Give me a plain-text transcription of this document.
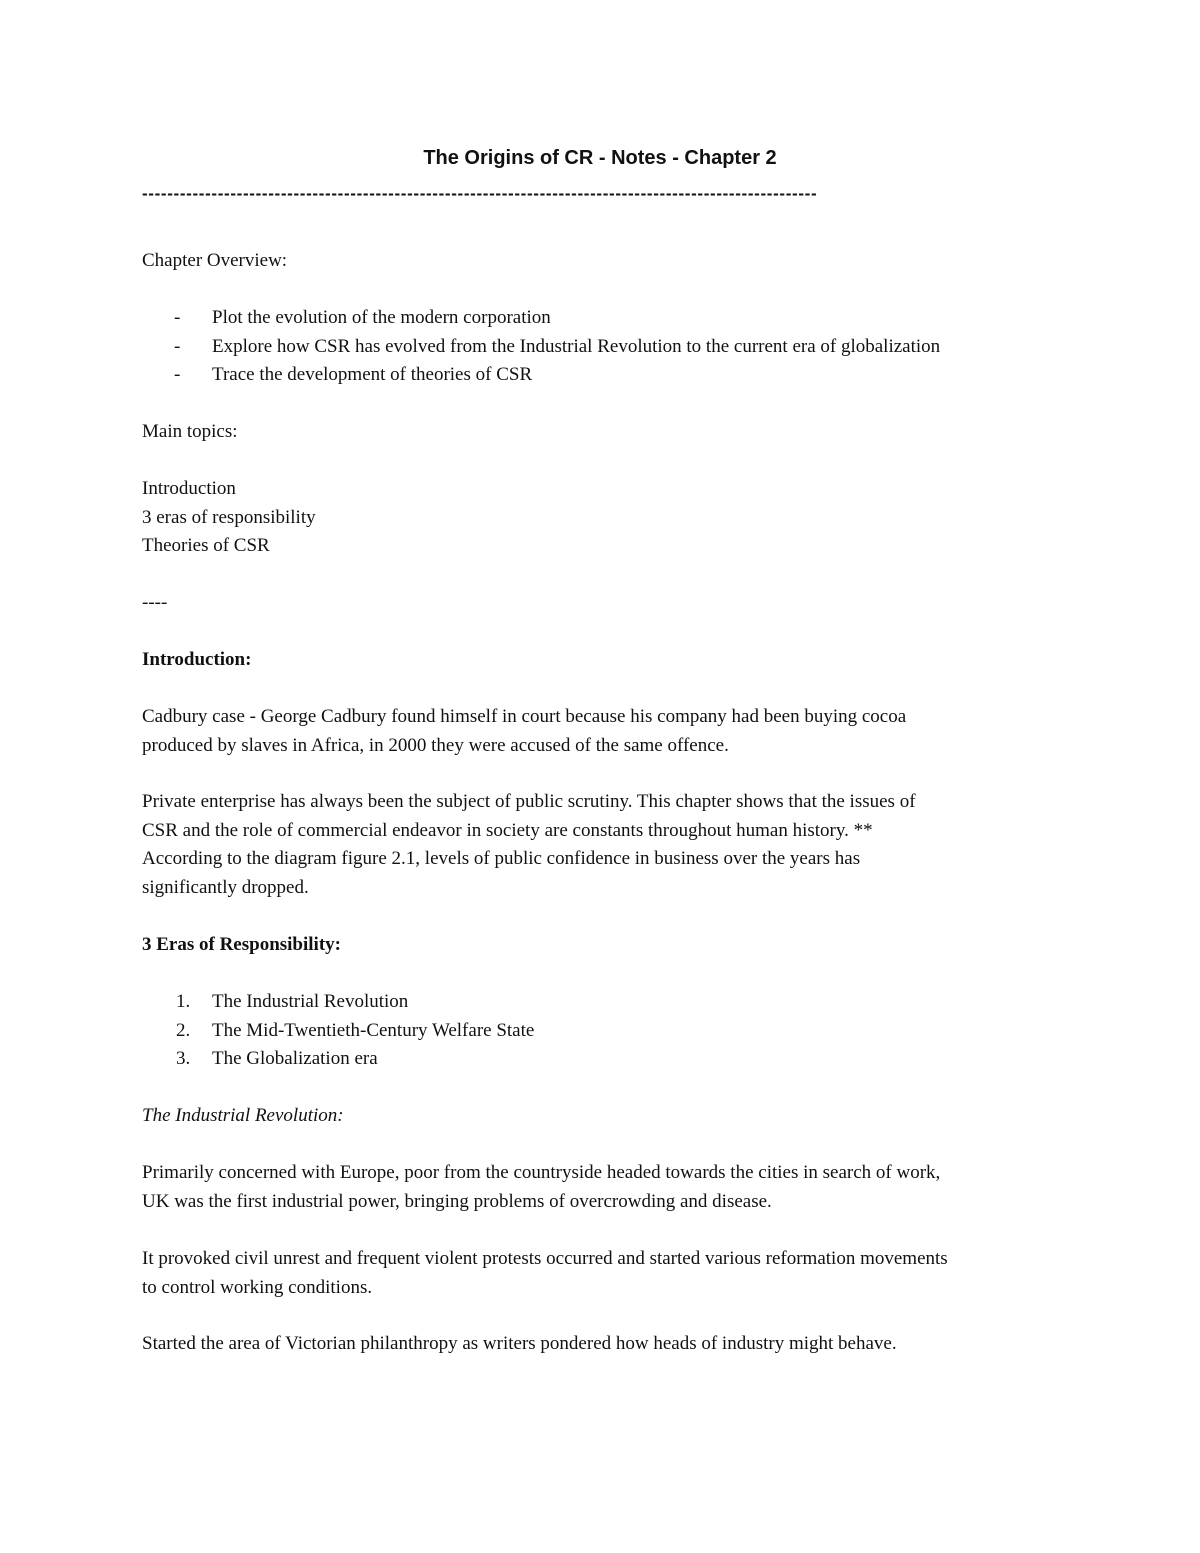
The Origins of CR - Notes - Chapter 2
-----------------------------------------------------------------------------------------------------------
Chapter Overview:
- Plot the evolution of the modern corporation
- Explore how CSR has evolved from the Industrial Revolution to the current era of globalization
- Trace the development of theories of CSR
Main topics:
Introduction
3 eras of responsibility
Theories of CSR
----
Introduction:
Cadbury case - George Cadbury found himself in court because his company had been buying cocoa
produced by slaves in Africa, in 2000 they were accused of the same offence.
Private enterprise has always been the subject of public scrutiny. This chapter shows that the issues of
CSR and the role of commercial endeavor in society are constants throughout human history. **
According to the diagram figure 2.1, levels of public confidence in business over the years has
significantly dropped.
3 Eras of Responsibility:
1. The Industrial Revolution
2. The Mid-Twentieth-Century Welfare State
3. The Globalization era
The Industrial Revolution:
Primarily concerned with Europe, poor from the countryside headed towards the cities in search of work,
UK was the first industrial power, bringing problems of overcrowding and disease.
It provoked civil unrest and frequent violent protests occurred and started various reformation movements
to control working conditions.
Started the area of Victorian philanthropy as writers pondered how heads of industry might behave.
